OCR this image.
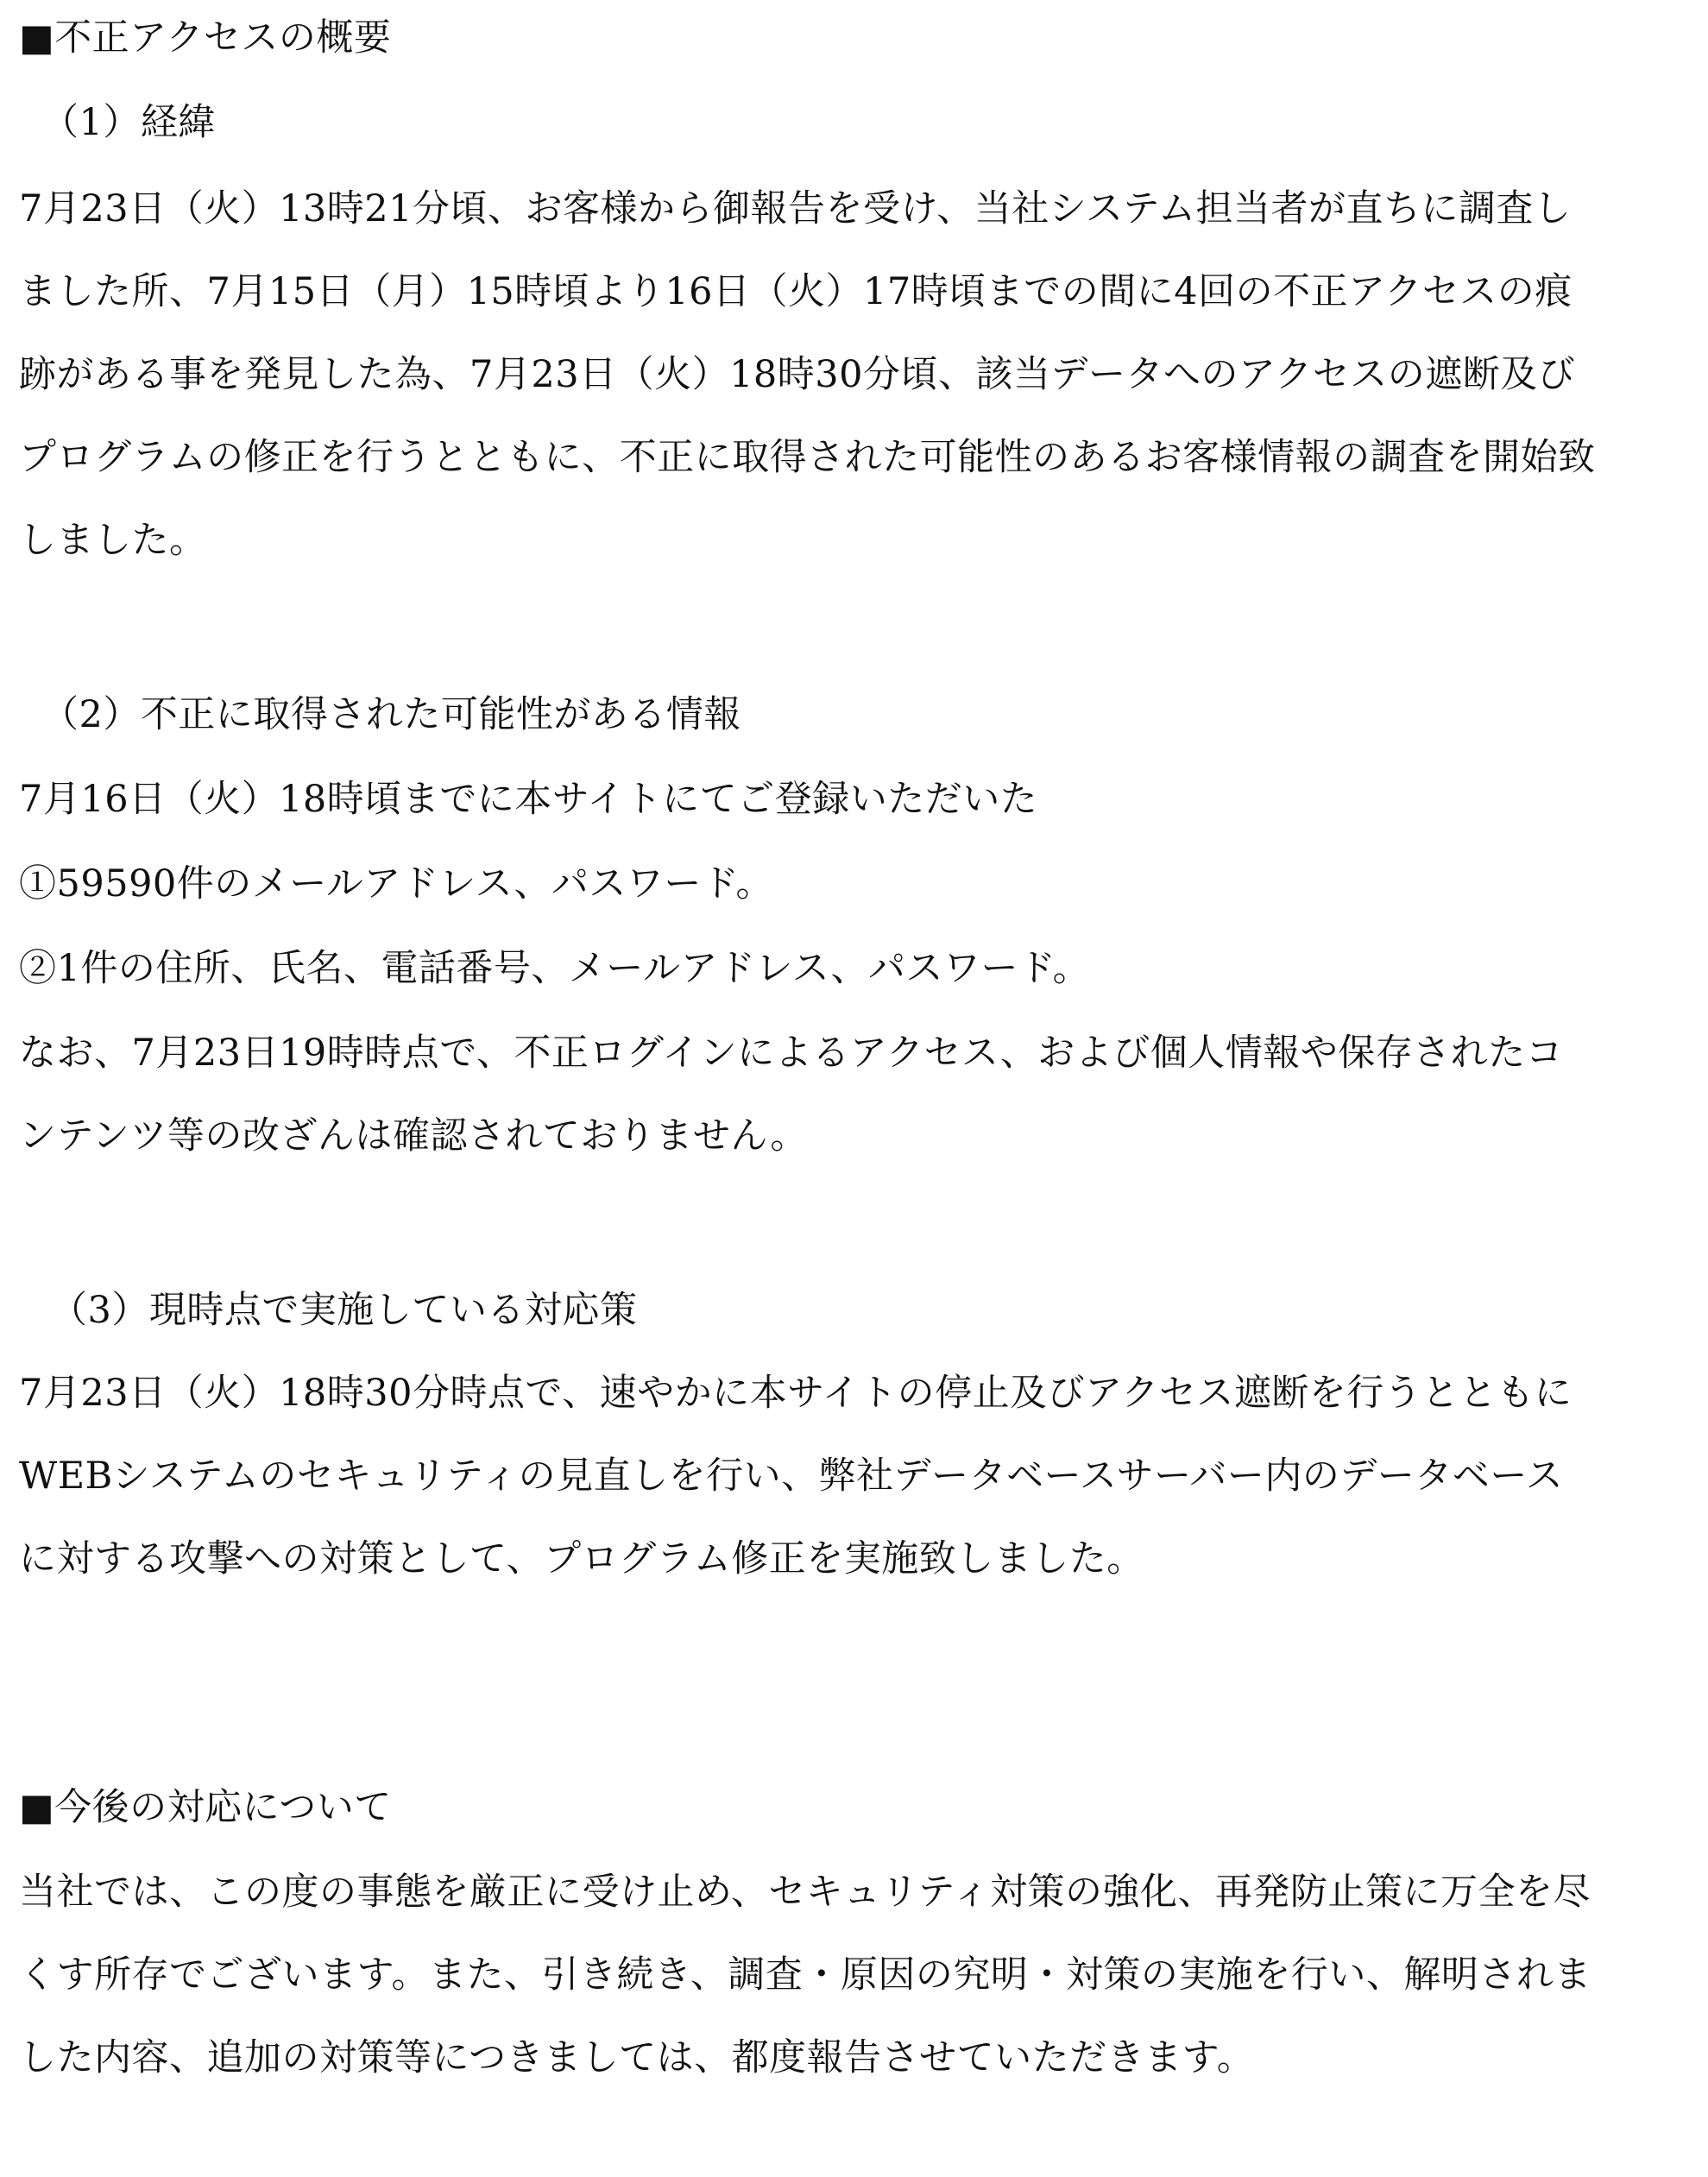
■不正アクセスの概要
（1）経緯
7月23日（火）13時21分頃、お客様から御報告を受け、当社システム担当者が直ちに調査し
ました所、7月15日（月）15時頃より16日（火）17時頃までの間に4回の不正アクセスの痕
跡がある事を発見した為、7月23日（火）18時30分頃、該当データへのアクセスの遮断及び
プログラムの修正を行うとともに、不正に取得された可能性のあるお客様情報の調査を開始致
しました。
（2）不正に取得された可能性がある情報
7月16日（火）18時頃までに本サイトにてご登録いただいた
①59590件のメールアドレス、パスワード。
②1件の住所、氏名、電話番号、メールアドレス、パスワード。
なお、7月23日19時時点で、不正ログインによるアクセス、および個人情報や保存されたコ
ンテンツ等の改ざんは確認されておりません。
（3）現時点で実施している対応策
7月23日（火）18時30分時点で、速やかに本サイトの停止及びアクセス遮断を行うとともに
WEBシステムのセキュリティの見直しを行い、弊社データベースサーバー内のデータベース
に対する攻撃への対策として、プログラム修正を実施致しました。
■今後の対応について
当社では、この度の事態を厳正に受け止め、セキュリティ対策の強化、再発防止策に万全を尽
くす所存でございます。また、引き続き、調査・原因の究明・対策の実施を行い、解明されま
した内容、追加の対策等につきましては、都度報告させていただきます。
